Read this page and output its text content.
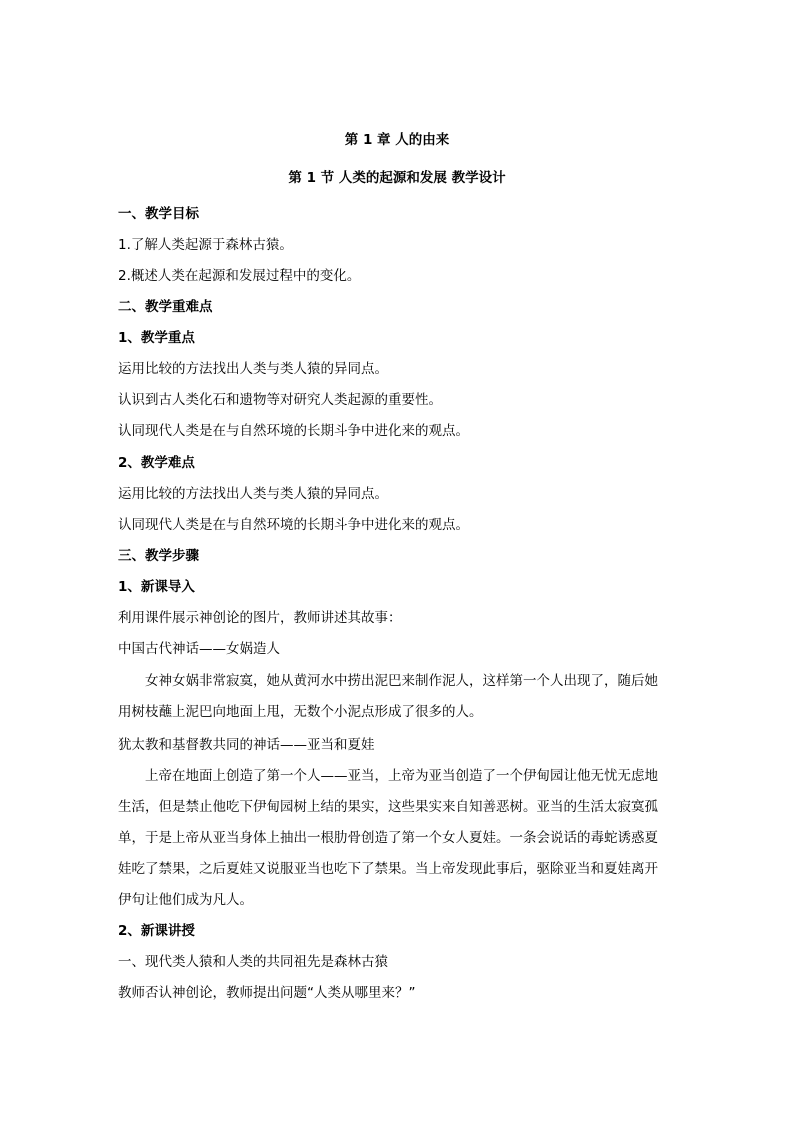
第 1 章 人的由来
第 1 节 人类的起源和发展 教学设计
一、教学目标
1.了解人类起源于森林古猿。
2.概述人类在起源和发展过程中的变化。
二、教学重难点
1、教学重点
运用比较的方法找出人类与类人猿的异同点。
认识到古人类化石和遗物等对研究人类起源的重要性。
认同现代人类是在与自然环境的长期斗争中进化来的观点。
2、教学难点
运用比较的方法找出人类与类人猿的异同点。
认同现代人类是在与自然环境的长期斗争中进化来的观点。
三、教学步骤
1、新课导入
利用课件展示神创论的图片，教师讲述其故事：
中国古代神话——女娲造人
女神女娲非常寂寞，她从黄河水中捞出泥巴来制作泥人，这样第一个人出现了，随后她
用树枝蘸上泥巴向地面上甩，无数个小泥点形成了很多的人。
犹太教和基督教共同的神话——亚当和夏娃
上帝在地面上创造了第一个人——亚当，上帝为亚当创造了一个伊甸园让他无忧无虑地
生活，但是禁止他吃下伊甸园树上结的果实，这些果实来自知善恶树。亚当的生活太寂寞孤
单，于是上帝从亚当身体上抽出一根肋骨创造了第一个女人夏娃。一条会说话的毒蛇诱惑夏
娃吃了禁果，之后夏娃又说服亚当也吃下了禁果。当上帝发现此事后，驱除亚当和夏娃离开
伊句让他们成为凡人。
2、新课讲授
一、现代类人猿和人类的共同祖先是森林古猿
教师否认神创论，教师提出问题“人类从哪里来？”
